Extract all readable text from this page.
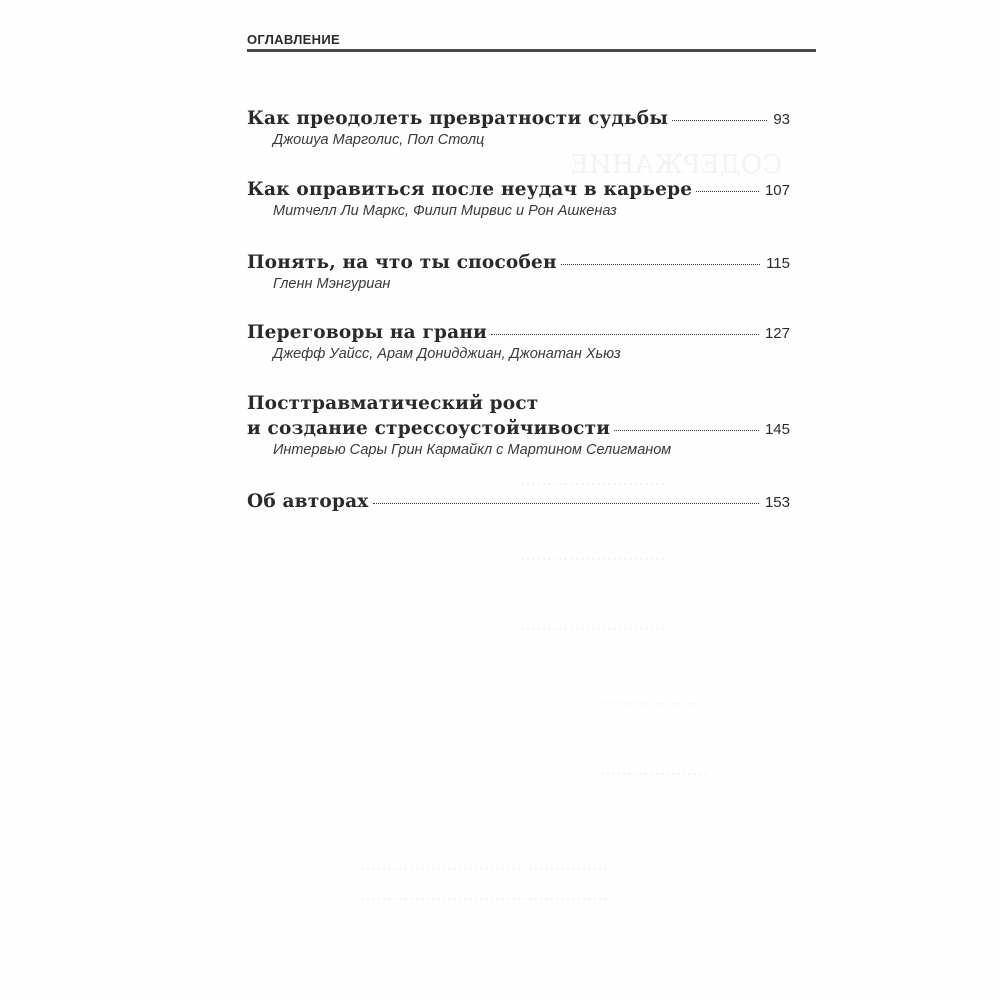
ОГЛАВЛЕНИЕ
Как преодолеть превратности судьбы	93
Джошуа Марголис, Пол Столц
Как оправиться после неудач в карьере	107
Митчелл Ли Маркс, Филип Мирвис и Рон Ашкеназ
Понять, на что ты способен	115
Гленн Мэнгуриан
Переговоры на грани	127
Джефф Уайсс, Арам Донидджиан, Джонатан Хьюз
Посттравматический рост
и создание стрессоустойчивости	145
Интервью Сары Грин Кармайкл с Мартином Селигманом
Об авторах	153
